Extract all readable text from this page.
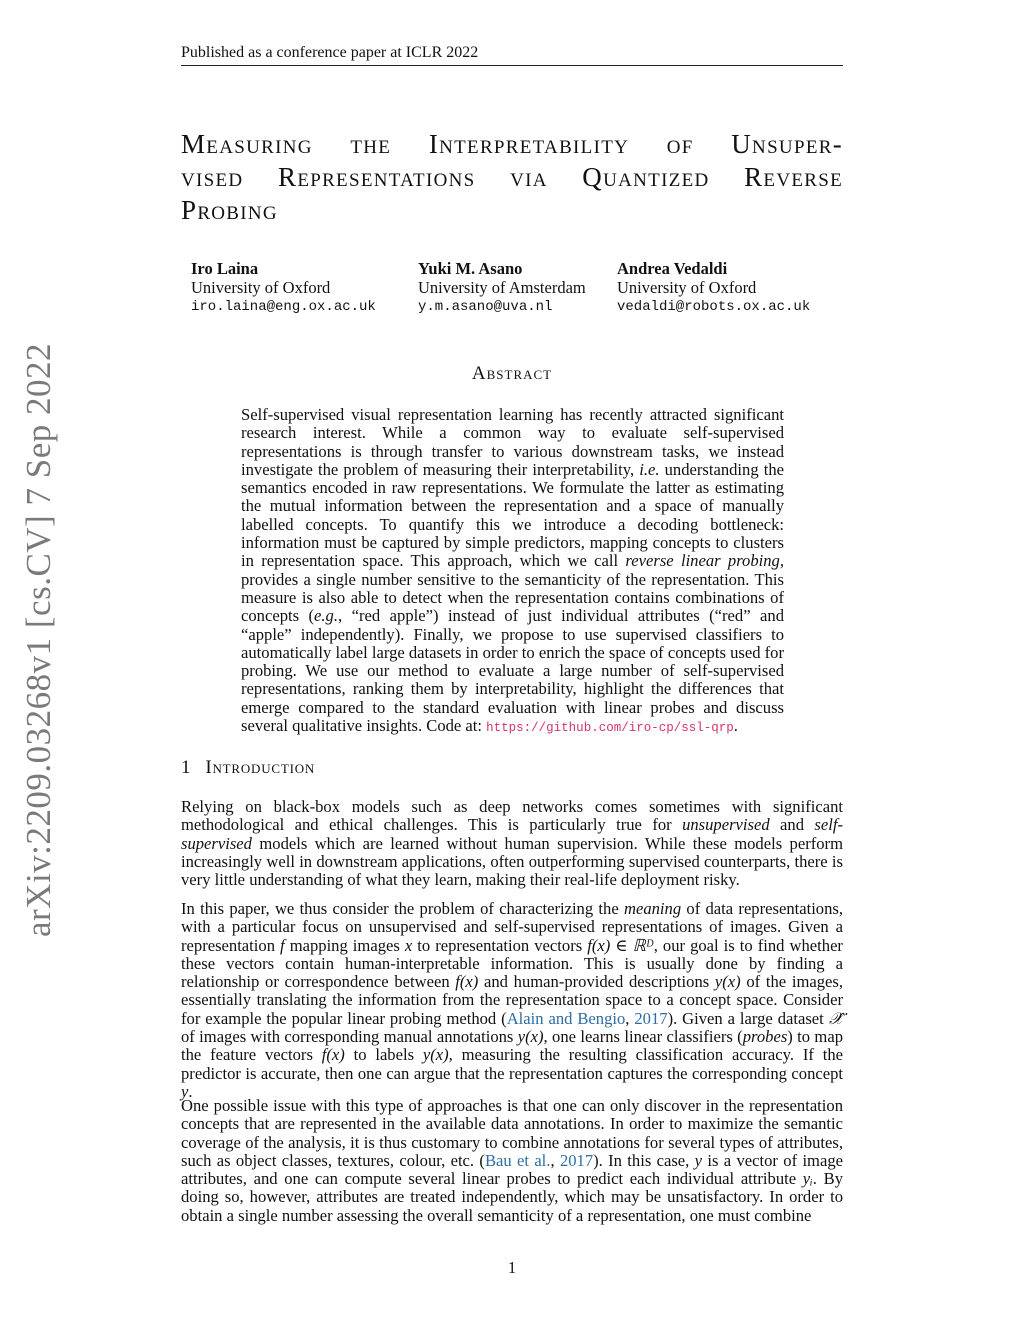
Published as a conference paper at ICLR 2022
Measuring the Interpretability of Unsuper-
vised Representations via Quantized Reverse
Probing
Iro Laina
University of Oxford
iro.laina@eng.ox.ac.uk
Yuki M. Asano
University of Amsterdam
y.m.asano@uva.nl
Andrea Vedaldi
University of Oxford
vedaldi@robots.ox.ac.uk
arXiv:2209.03268v1 [cs.CV] 7 Sep 2022	Abstract
Self-supervised visual representation learning has recently attracted significant research interest. While a common way to evaluate self-supervised representations is through transfer to various downstream tasks, we instead investigate the problem of measuring their interpretability, i.e. understanding the semantics encoded in raw representations. We formulate the latter as estimating the mutual information between the representation and a space of manually labelled concepts. To quantify this we introduce a decoding bottleneck: information must be captured by simple predictors, mapping concepts to clusters in representation space. This approach, which we call reverse linear probing, provides a single number sensitive to the semanticity of the representation. This measure is also able to detect when the representation contains combinations of concepts (e.g., “red apple”) instead of just individual attributes (“red” and “apple” independently). Finally, we propose to use supervised classifiers to automatically label large datasets in order to enrich the space of concepts used for probing. We use our method to evaluate a large number of self-supervised representations, ranking them by interpretability, highlight the differences that emerge compared to the standard evaluation with linear probes and discuss several qualitative insights. Code at: https://github.com/iro-cp/ssl-qrp.
1 Introduction
Relying on black-box models such as deep networks comes sometimes with significant methodological and ethical challenges. This is particularly true for unsupervised and self-supervised models which are learned without human supervision. While these models perform increasingly well in downstream applications, often outperforming supervised counterparts, there is very little understanding of what they learn, making their real-life deployment risky.
In this paper, we thus consider the problem of characterizing the meaning of data representations, with a particular focus on unsupervised and self-supervised representations of images. Given a representation f mapping images x to representation vectors f(x) ∈ ℝᴰ, our goal is to find whether these vectors contain human-interpretable information. This is usually done by finding a relationship or correspondence between f(x) and human-provided descriptions y(x) of the images, essentially translating the information from the representation space to a concept space. Consider for example the popular linear probing method (Alain and Bengio, 2017). Given a large dataset 𝒳̂ of images with corresponding manual annotations y(x), one learns linear classifiers (probes) to map the feature vectors f(x) to labels y(x), measuring the resulting classification accuracy. If the predictor is accurate, then one can argue that the representation captures the corresponding concept y.
One possible issue with this type of approaches is that one can only discover in the representation concepts that are represented in the available data annotations. In order to maximize the semantic coverage of the analysis, it is thus customary to combine annotations for several types of attributes, such as object classes, textures, colour, etc. (Bau et al., 2017). In this case, y is a vector of image attributes, and one can compute several linear probes to predict each individual attribute yᵢ. By doing so, however, attributes are treated independently, which may be unsatisfactory. In order to obtain a single number assessing the overall semanticity of a representation, one must combine
1
